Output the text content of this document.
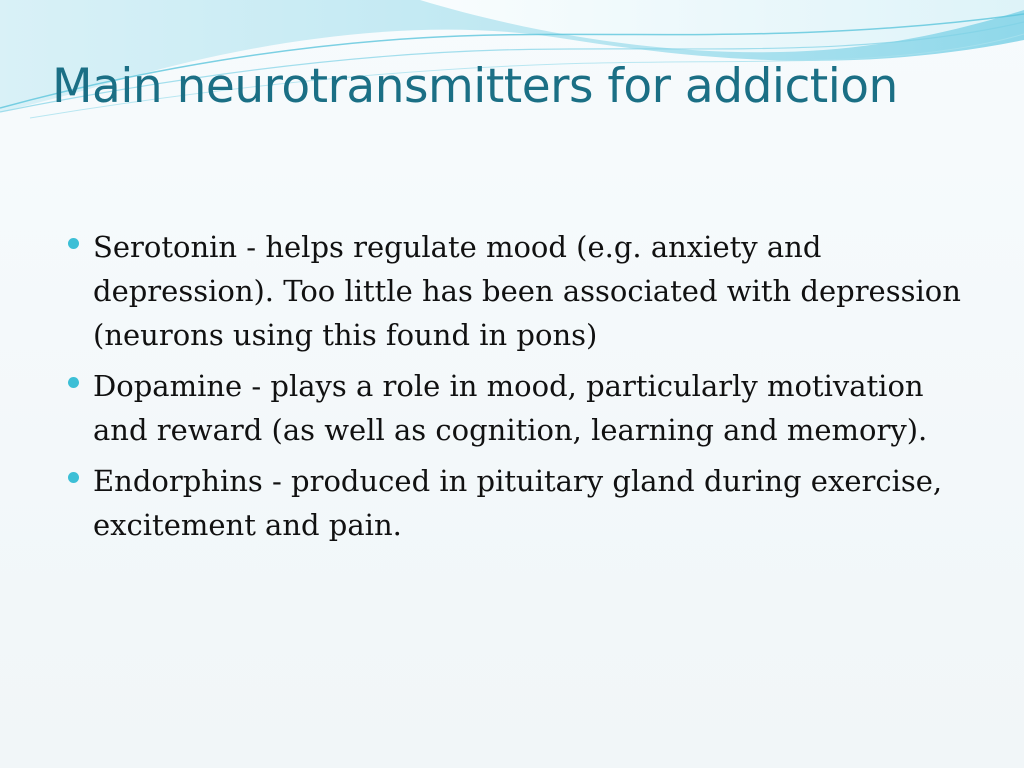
Main neurotransmitters for addiction
Serotonin - helps regulate mood (e.g. anxiety and depression). Too little has been associated with depression (neurons using this found in pons)
Dopamine - plays a role in mood, particularly motivation and reward (as well as cognition, learning and memory).
Endorphins - produced in pituitary gland during exercise, excitement and pain.
